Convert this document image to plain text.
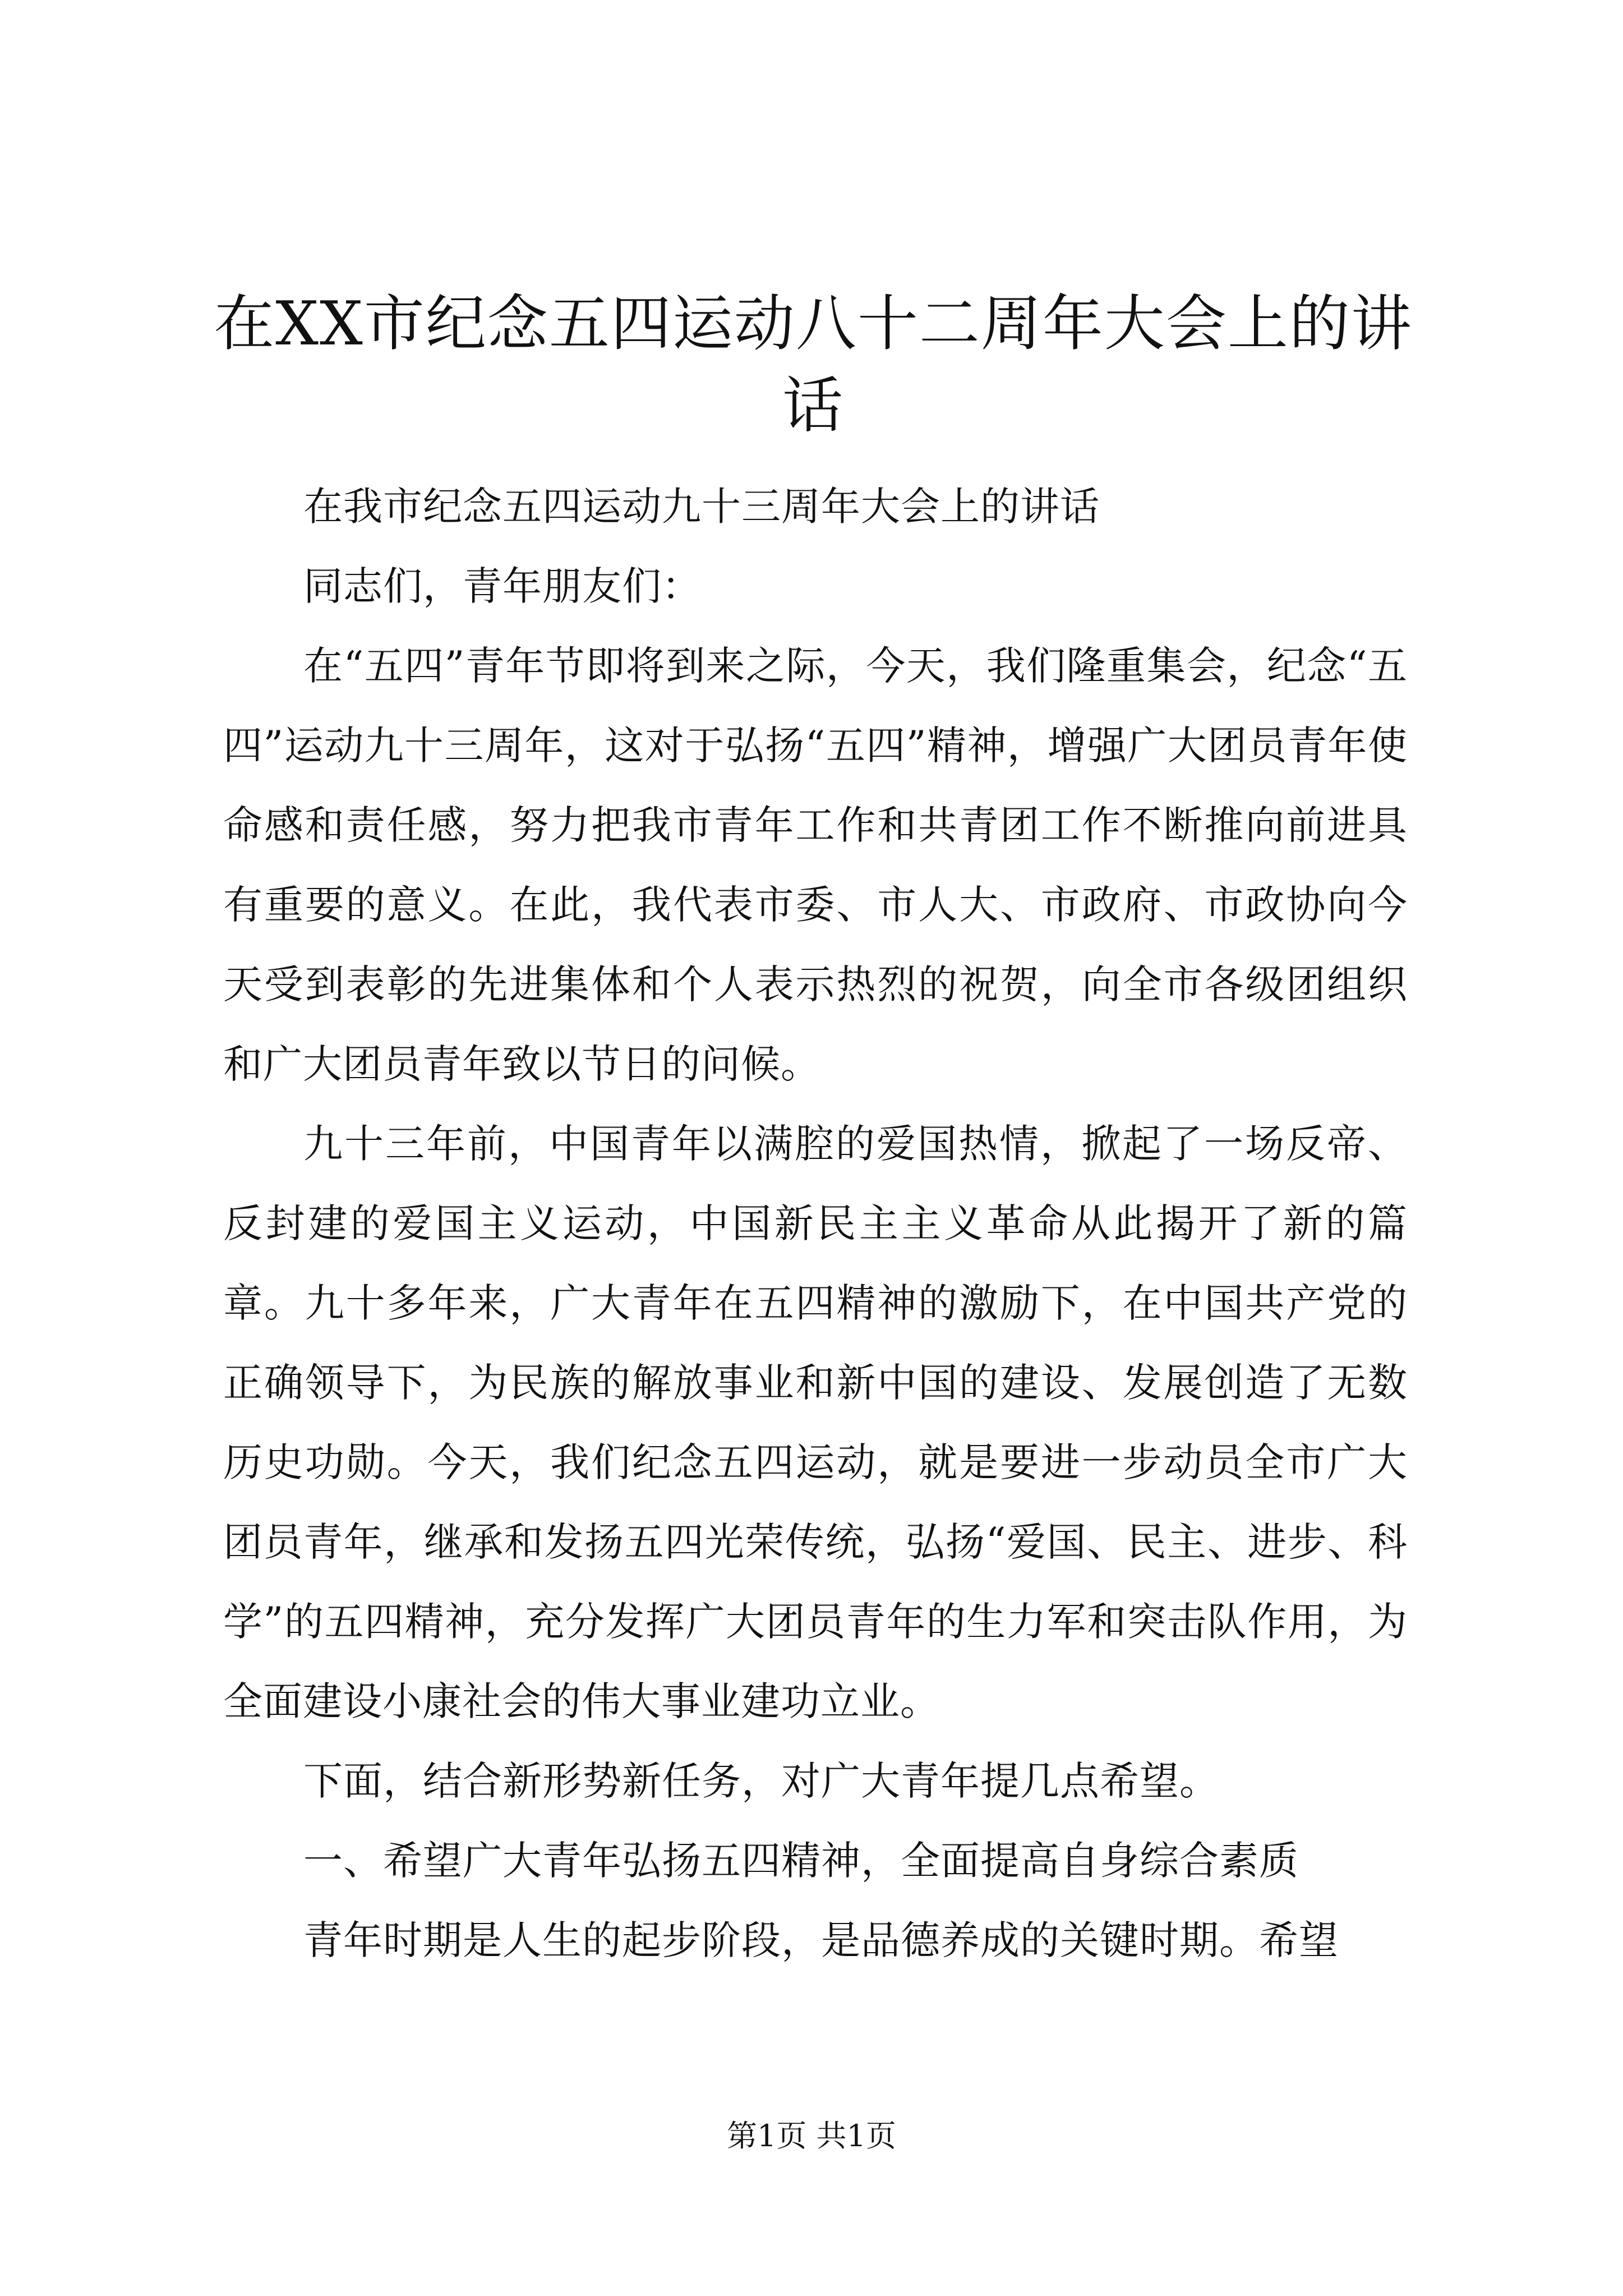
在XX市纪念五四运动八十二周年大会上的讲话

在我市纪念五四运动九十三周年大会上的讲话

同志们，青年朋友们：

在“五四”青年节即将到来之际，今天，我们隆重集会，纪念“五四”运动九十三周年，这对于弘扬“五四”精神，增强广大团员青年使命感和责任感，努力把我市青年工作和共青团工作不断推向前进具有重要的意义。在此，我代表市委、市人大、市政府、市政协向今天受到表彰的先进集体和个人表示热烈的祝贺，向全市各级团组织和广大团员青年致以节日的问候。

九十三年前，中国青年以满腔的爱国热情，掀起了一场反帝、反封建的爱国主义运动，中国新民主主义革命从此揭开了新的篇章。九十多年来，广大青年在五四精神的激励下，在中国共产党的正确领导下，为民族的解放事业和新中国的建设、发展创造了无数历史功勋。今天，我们纪念五四运动，就是要进一步动员全市广大团员青年，继承和发扬五四光荣传统，弘扬“爱国、民主、进步、科学”的五四精神，充分发挥广大团员青年的生力军和突击队作用，为全面建设小康社会的伟大事业建功立业。

下面，结合新形势新任务，对广大青年提几点希望。

一、希望广大青年弘扬五四精神，全面提高自身综合素质

青年时期是人生的起步阶段，是品德养成的关键时期。希望

第1页 共1页
